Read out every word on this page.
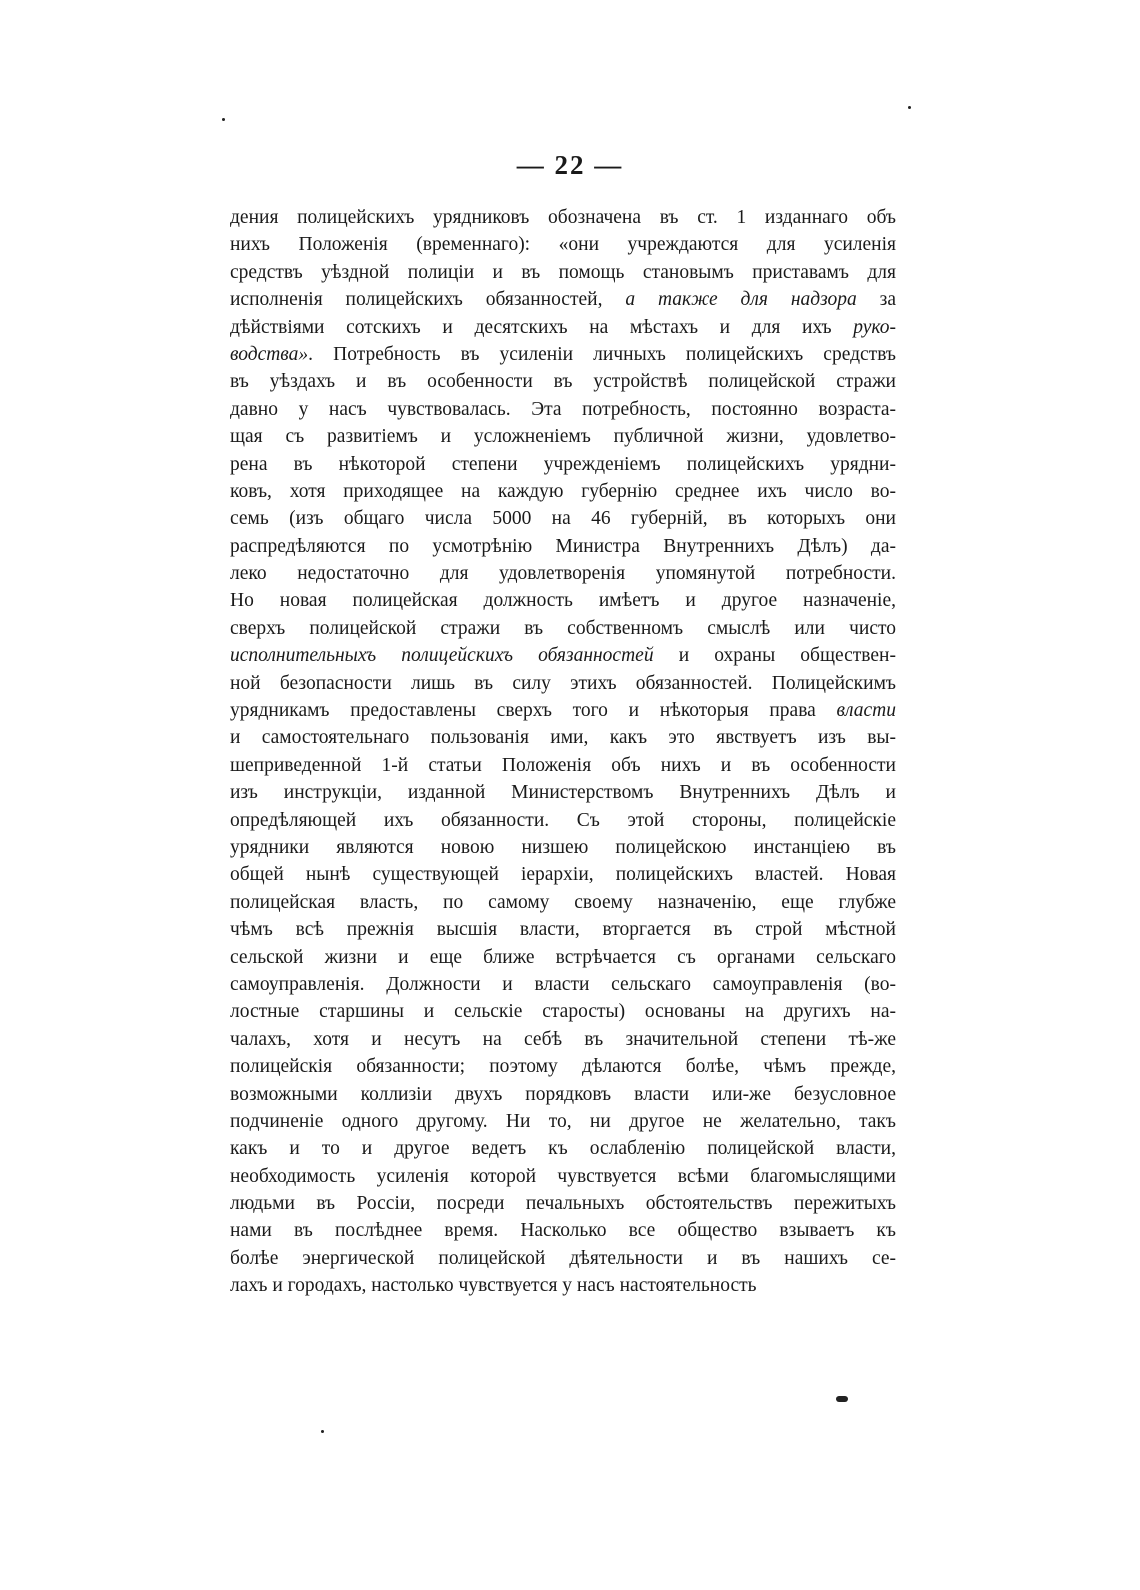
— 22 —
дения полицейскихъ урядниковъ обозначена въ ст. 1 изданнаго объ
нихъ Положенія (временнаго): «они учреждаются для усиленія
средствъ уѣздной полиціи и въ помощь становымъ приставамъ для
исполненія полицейскихъ обязанностей, а также для надзора за
дѣйствіями сотскихъ и десятскихъ на мѣстахъ и для ихъ руко-
водства». Потребность въ усиленіи личныхъ полицейскихъ средствъ
въ уѣздахъ и въ особенности въ устройствѣ полицейской стражи
давно у насъ чувствовалась. Эта потребность, постоянно возраста-
щая съ развитіемъ и усложненіемъ публичной жизни, удовлетво-
рена въ нѣкоторой степени учрежденіемъ полицейскихъ урядни-
ковъ, хотя приходящее на каждую губернію среднее ихъ число во-
семь (изъ общаго числа 5000 на 46 губерній, въ которыхъ они
распредѣляются по усмотрѣнію Министра Внутреннихъ Дѣлъ) да-
леко недостаточно для удовлетворенія упомянутой потребности.
Но новая полицейская должность имѣетъ и другое назначеніе,
сверхъ полицейской стражи въ собственномъ смыслѣ или чисто
исполнительныхъ полицейскихъ обязанностей и охраны обществен-
ной безопасности лишь въ силу этихъ обязанностей. Полицейскимъ
урядникамъ предоставлены сверхъ того и нѣкоторыя права власти
и самостоятельнаго пользованія ими, какъ это явствуетъ изъ вы-
шеприведенной 1-й статьи Положенія объ нихъ и въ особенности
изъ инструкціи, изданной Министерствомъ Внутреннихъ Дѣлъ и
опредѣляющей ихъ обязанности. Съ этой стороны, полицейскіе
урядники являются новою низшею полицейскою инстанціею въ
общей нынѣ существующей іерархіи, полицейскихъ властей. Новая
полицейская власть, по самому своему назначенію, еще глубже
чѣмъ всѣ прежнія высшія власти, вторгается въ строй мѣстной
сельской жизни и еще ближе встрѣчается съ органами сельскаго
самоуправленія. Должности и власти сельскаго самоуправленія (во-
лостные старшины и сельскіе старосты) основаны на другихъ на-
чалахъ, хотя и несутъ на себѣ въ значительной степени тѣ-же
полицейскія обязанности; поэтому дѣлаются болѣе, чѣмъ прежде,
возможными коллизіи двухъ порядковъ власти или-же безусловное
подчиненіе одного другому. Ни то, ни другое не желательно, такъ
какъ и то и другое ведетъ къ ослабленію полицейской власти,
необходимость усиленія которой чувствуется всѣми благомыслящими
людьми въ Россіи, посреди печальныхъ обстоятельствъ пережитыхъ
нами въ послѣднее время. Насколько все общество взываетъ къ
болѣе энергической полицейской дѣятельности и въ нашихъ се-
лахъ и городахъ, настолько чувствуется у насъ настоятельность
